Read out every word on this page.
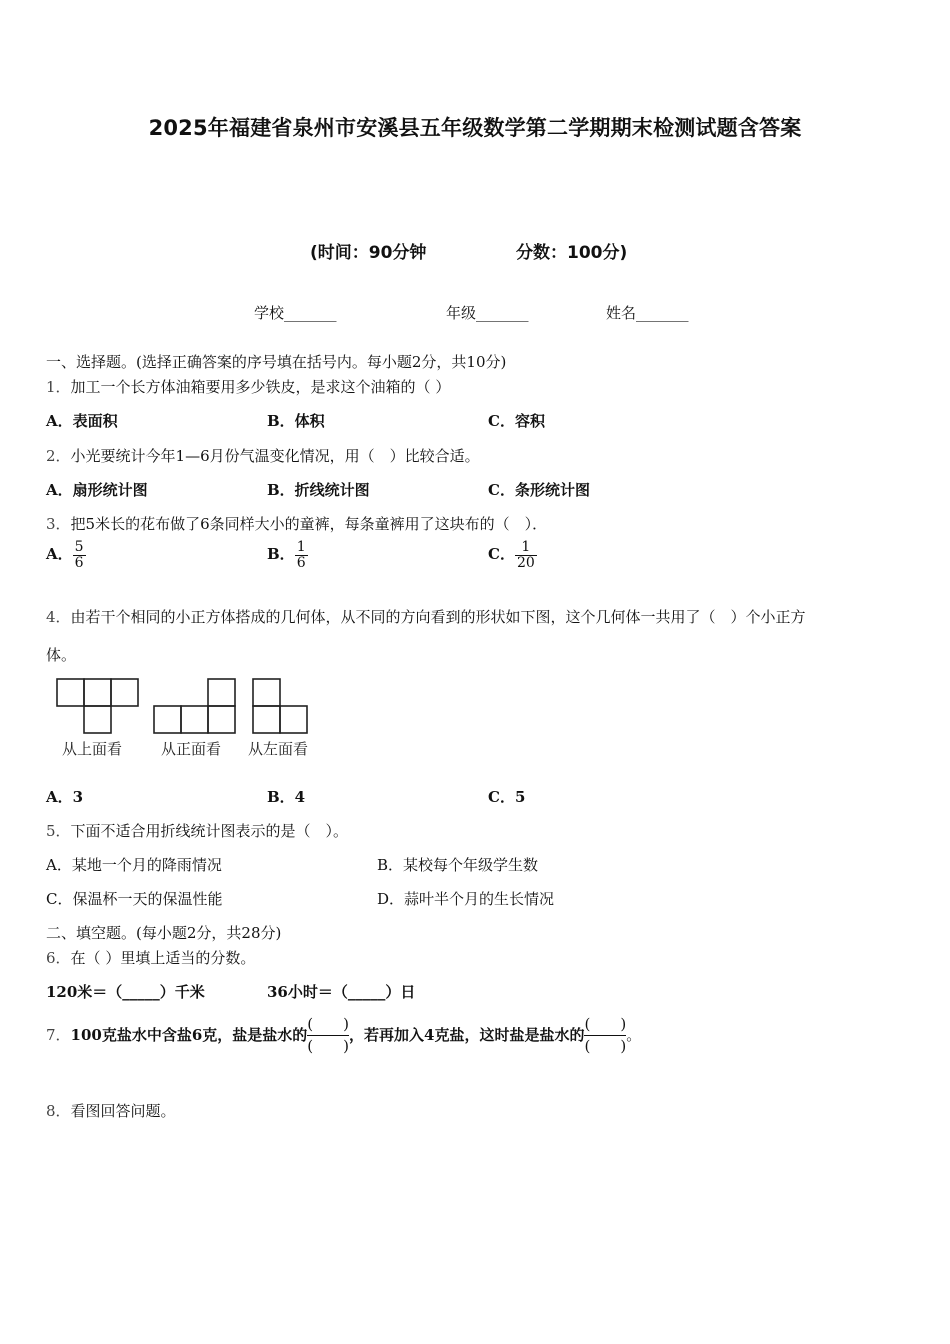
2025年福建省泉州市安溪县五年级数学第二学期期末检测试题含答案
(时间：90分钟	分数：100分)
学校_______	年级_______	姓名_______
一、选择题。(选择正确答案的序号填在括号内。每小题2分，共10分)
1．加工一个长方体油箱要用多少铁皮，是求这个油箱的（ ）
A．表面积	B．体积	C．容积
2．小光要统计今年1—6月份气温变化情况，用（　）比较合适。
A．扇形统计图	B．折线统计图	C．条形统计图
3．把5米长的花布做了6条同样大小的童裤，每条童裤用了这块布的（　）．
A． $\frac{5}{6}$	B． $\frac{1}{6}$	C． $\frac{1}{20}$
4．由若干个相同的小正方体搭成的几何体，从不同的方向看到的形状如下图，这个几何体一共用了（　）个小正方
体。
从上面看	从正面看 从左面看
A．3	B．4	C．5
5．下面不适合用折线统计图表示的是（　）。
A．某地一个月的降雨情况	B．某校每个年级学生数
C．保温杯一天的保温性能	D．蒜叶半个月的生长情况
二、填空题。(每小题2分，共28分)
6．在（ ）里填上适当的分数。
120米＝（_____）千米	36小时＝（_____）日
7．100克盐水中含盐6克，盐是盐水的 $\frac{( )}{( )}$ ，若再加入4克盐，这时盐是盐水的 $\frac{( )}{( )}$ 。
8．看图回答问题。
